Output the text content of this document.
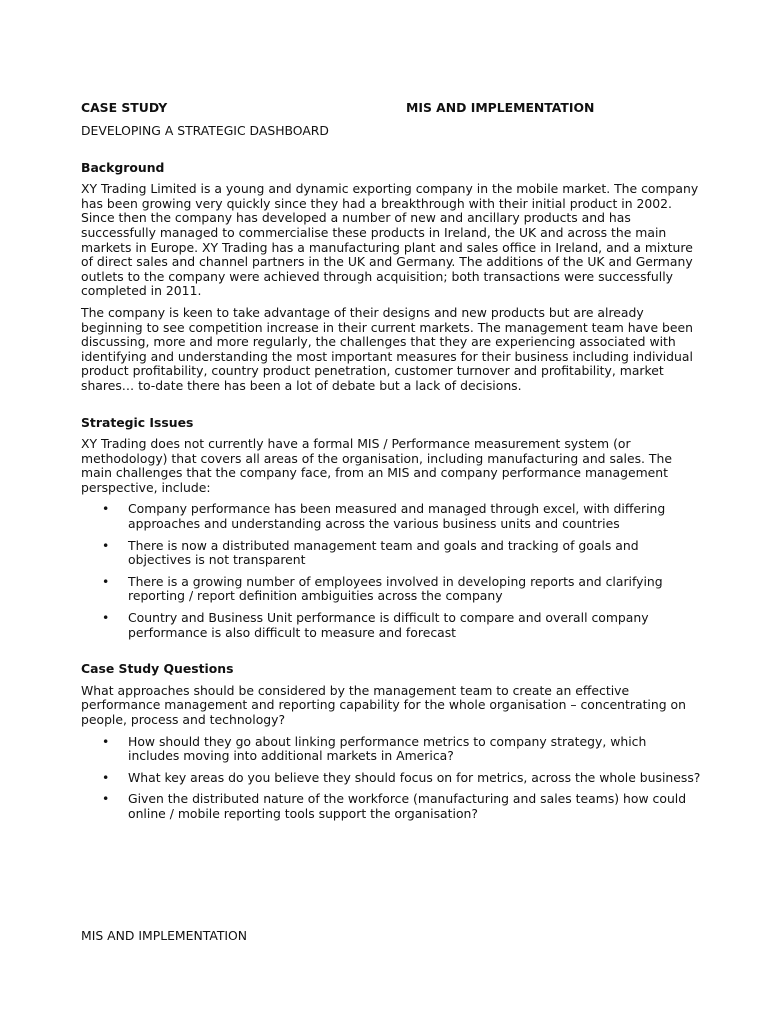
CASE STUDY	MIS AND IMPLEMENTATION
DEVELOPING A STRATEGIC DASHBOARD
Background

XY Trading Limited is a young and dynamic exporting company in the mobile market. The company has been growing very quickly since they had a breakthrough with their initial product in 2002. Since then the company has developed a number of new and ancillary products and has successfully managed to commercialise these products in Ireland, the UK and across the main markets in Europe. XY Trading has a manufacturing plant and sales office in Ireland, and a mixture of direct sales and channel partners in the UK and Germany. The additions of the UK and Germany outlets to the company were achieved through acquisition; both transactions were successfully completed in 2011.

The company is keen to take advantage of their designs and new products but are already beginning to see competition increase in their current markets. The management team have been discussing, more and more regularly, the challenges that they are experiencing associated with identifying and understanding the most important measures for their business including individual product profitability, country product penetration, customer turnover and profitability, market shares… to-date there has been a lot of debate but a lack of decisions.

Strategic Issues

XY Trading does not currently have a formal MIS / Performance measurement system (or methodology) that covers all areas of the organisation, including manufacturing and sales. The main challenges that the company face, from an MIS and company performance management perspective, include:

• Company performance has been measured and managed through excel, with differing approaches and understanding across the various business units and countries
• There is now a distributed management team and goals and tracking of goals and objectives is not transparent
• There is a growing number of employees involved in developing reports and clarifying reporting / report definition ambiguities across the company
• Country and Business Unit performance is difficult to compare and overall company performance is also difficult to measure and forecast
Case Study Questions

What approaches should be considered by the management team to create an effective performance management and reporting capability for the whole organisation – concentrating on people, process and technology?

• How should they go about linking performance metrics to company strategy, which includes moving into additional markets in America?
• What key areas do you believe they should focus on for metrics, across the whole business?
• Given the distributed nature of the workforce (manufacturing and sales teams) how could online / mobile reporting tools support the organisation?
MIS AND IMPLEMENTATION
